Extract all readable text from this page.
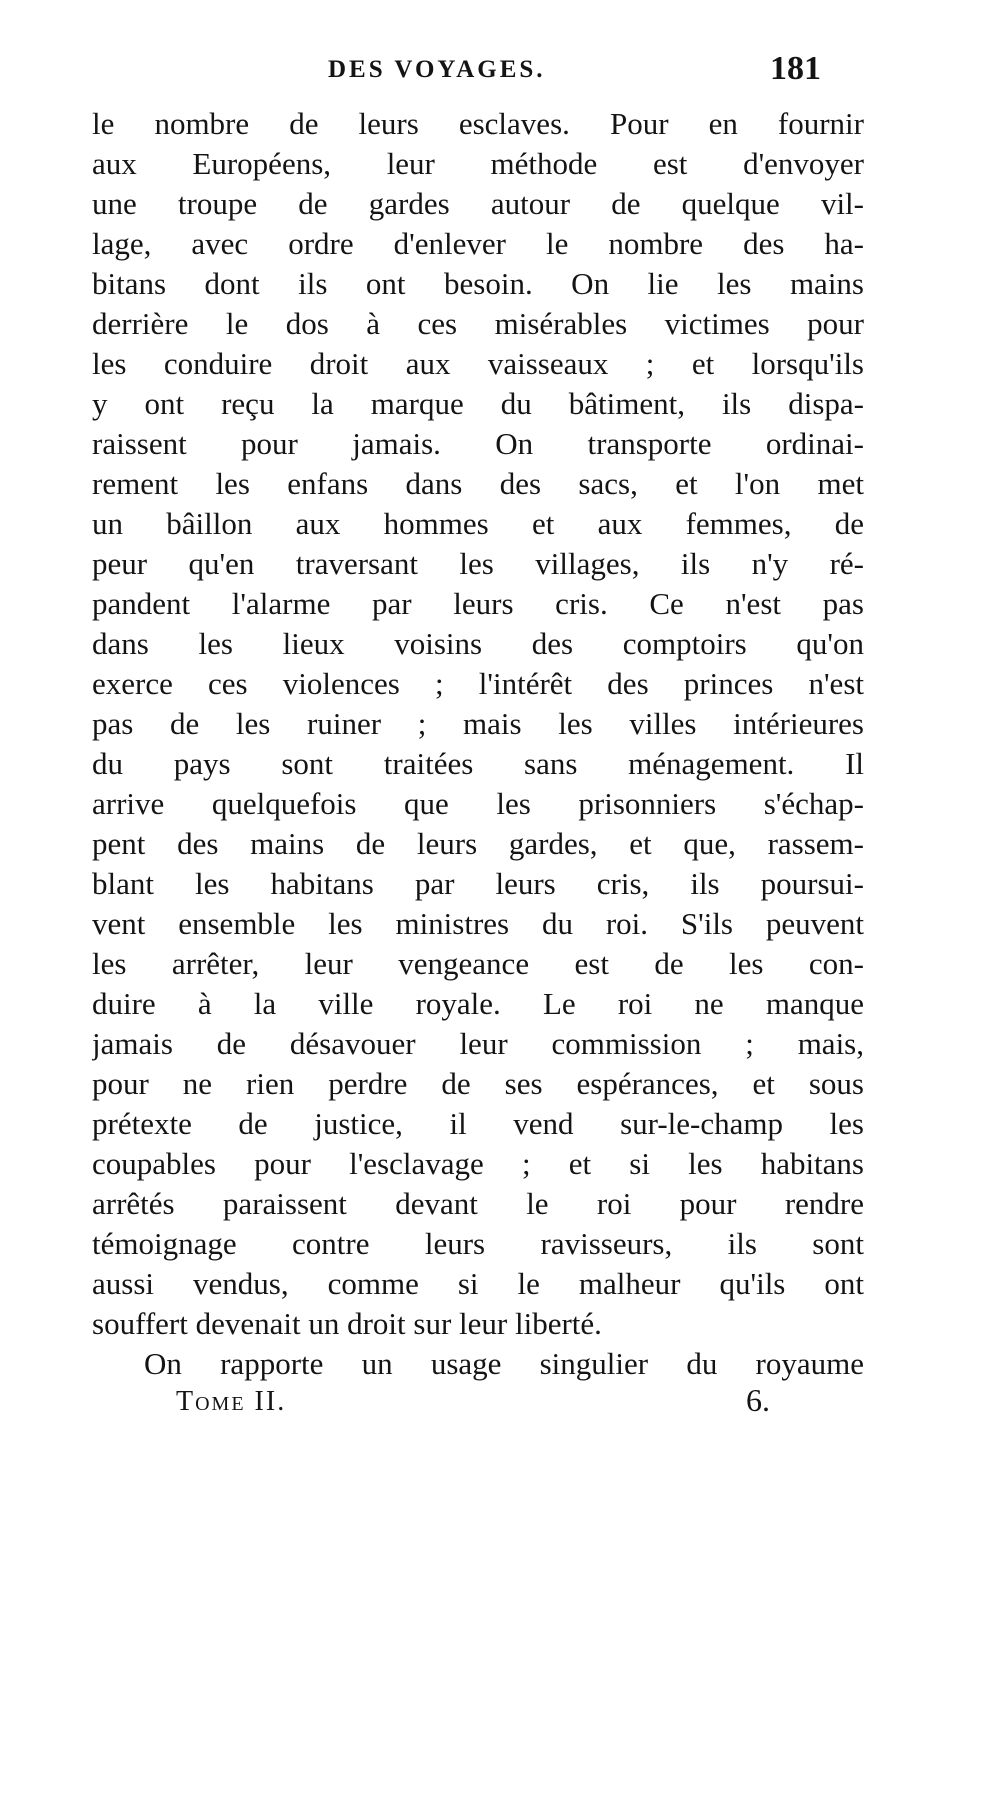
DES VOYAGES.	181
le nombre de leurs esclaves. Pour en fournir
aux Européens, leur méthode est d'envoyer
une troupe de gardes autour de quelque vil-
lage, avec ordre d'enlever le nombre des ha-
bitans dont ils ont besoin. On lie les mains
derrière le dos à ces misérables victimes pour
les conduire droit aux vaisseaux ; et lorsqu'ils
y ont reçu la marque du bâtiment, ils dispa-
raissent pour jamais. On transporte ordinai-
rement les enfans dans des sacs, et l'on met
un bâillon aux hommes et aux femmes, de
peur qu'en traversant les villages, ils n'y ré-
pandent l'alarme par leurs cris. Ce n'est pas
dans les lieux voisins des comptoirs qu'on
exerce ces violences ; l'intérêt des princes n'est
pas de les ruiner ; mais les villes intérieures
du pays sont traitées sans ménagement. Il
arrive quelquefois que les prisonniers s'échap-
pent des mains de leurs gardes, et que, rassem-
blant les habitans par leurs cris, ils poursui-
vent ensemble les ministres du roi. S'ils peuvent
les arrêter, leur vengeance est de les con-
duire à la ville royale. Le roi ne manque
jamais de désavouer leur commission ; mais,
pour ne rien perdre de ses espérances, et sous
prétexte de justice, il vend sur-le-champ les
coupables pour l'esclavage ; et si les habitans
arrêtés paraissent devant le roi pour rendre
témoignage contre leurs ravisseurs, ils sont
aussi vendus, comme si le malheur qu'ils ont
souffert devenait un droit sur leur liberté.
On rapporte un usage singulier du royaume
Tome II.	6.
